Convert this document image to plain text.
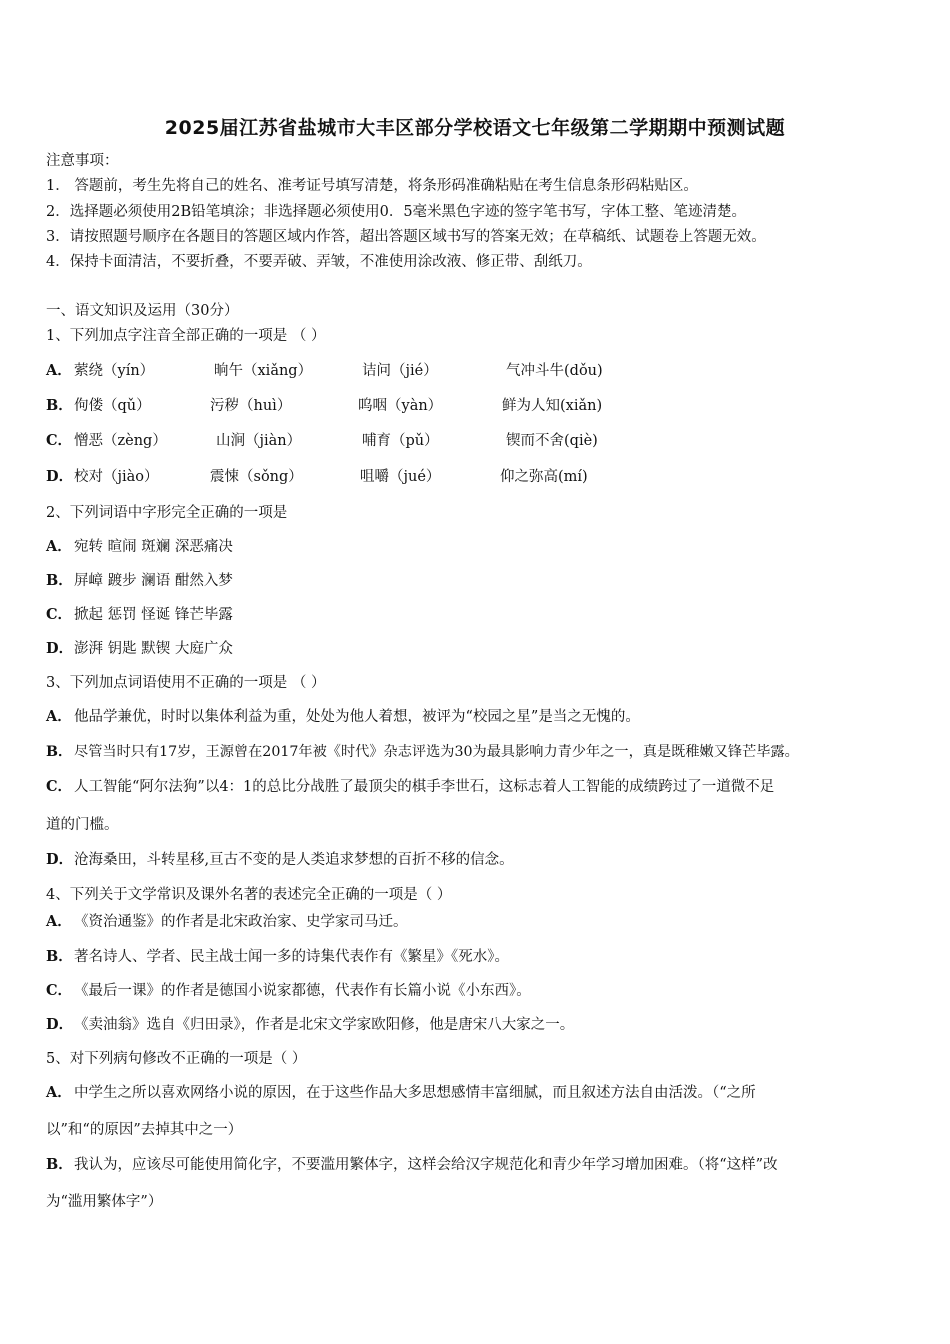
2025届江苏省盐城市大丰区部分学校语文七年级第二学期期中预测试题
注意事项：
1． 答题前，考生先将自己的姓名、准考证号填写清楚，将条形码准确粘贴在考生信息条形码粘贴区。
2．选择题必须使用2B铅笔填涂；非选择题必须使用0．5毫米黑色字迹的签字笔书写，字体工整、笔迹清楚。
3．请按照题号顺序在各题目的答题区域内作答，超出答题区域书写的答案无效；在草稿纸、试题卷上答题无效。
4．保持卡面清洁，不要折叠，不要弄破、弄皱，不准使用涂改液、修正带、刮纸刀。
一、语文知识及运用（30分）
1、下列加点字注音全部正确的一项是 （ ）
A． 萦绕（yín）	晌午（xiǎng）	诘问（jié）	气冲斗牛(dǒu)
B． 佝偻（qǔ）	污秽（huì）	呜咽（yàn）	鲜为人知(xiǎn)
C． 憎恶（zèng）	山涧（jiàn）	哺育（pǔ）	锲而不舍(qiè)
D． 校对（jiào）	震悚（sǒng）	咀嚼（jué）	仰之弥高(mí)
2、下列词语中字形完全正确的一项是
A． 宛转 暄闹 斑斓 深恶痛决
B． 屏嶂 踱步 澜语 酣然入梦
C． 掀起 惩罚 怪诞 锋芒毕露
D． 澎湃 钥匙 默锲 大庭广众
3、下列加点词语使用不正确的一项是 （ ）
A． 他品学兼优，时时以集体利益为重，处处为他人着想，被评为“校园之星”是当之无愧的。
B． 尽管当时只有17岁，王源曾在2017年被《时代》杂志评选为30为最具影响力青少年之一，真是既稚嫩又锋芒毕露。
C． 人工智能“阿尔法狗”以4：1的总比分战胜了最顶尖的棋手李世石，这标志着人工智能的成绩跨过了一道微不足
道的门槛。
D． 沧海桑田，斗转星移,亘古不变的是人类追求梦想的百折不移的信念。
4、下列关于文学常识及课外名著的表述完全正确的一项是（ ）
A． 《资治通鉴》的作者是北宋政治家、史学家司马迁。
B． 著名诗人、学者、民主战士闻一多的诗集代表作有《繁星》《死水》。
C． 《最后一课》的作者是德国小说家都德，代表作有长篇小说《小东西》。
D． 《卖油翁》选自《归田录》，作者是北宋文学家欧阳修，他是唐宋八大家之一。
5、对下列病句修改不正确的一项是（ ）
A． 中学生之所以喜欢网络小说的原因，在于这些作品大多思想感情丰富细腻，而且叙述方法自由活泼。（“之所
以”和“的原因”去掉其中之一）
B． 我认为，应该尽可能使用简化字，不要滥用繁体字，这样会给汉字规范化和青少年学习增加困难。（将“这样”改
为“滥用繁体字”）
